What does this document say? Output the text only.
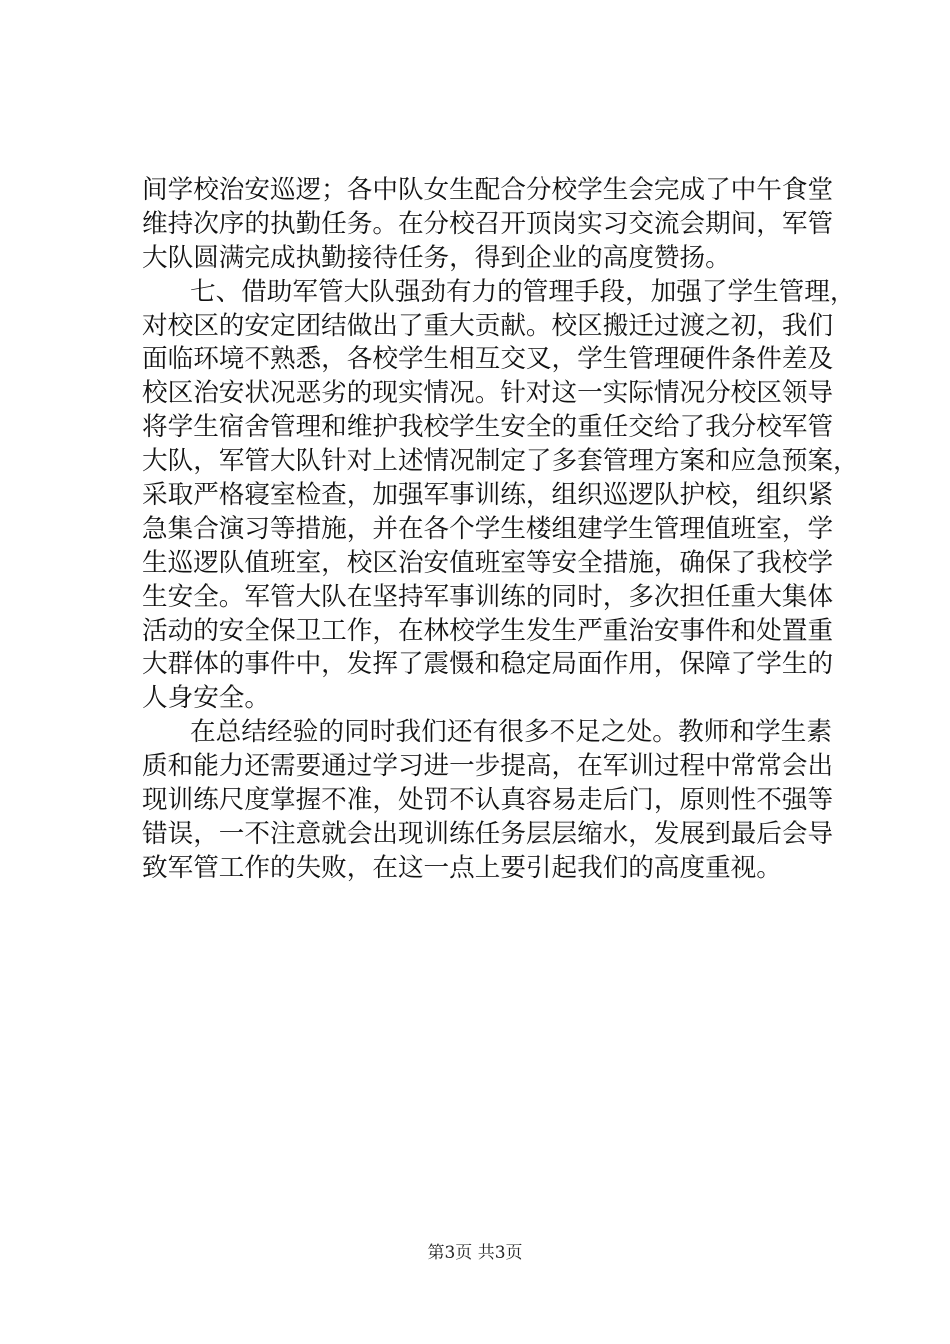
间学校治安巡逻；各中队女生配合分校学生会完成了中午食堂
维持次序的执勤任务。在分校召开顶岗实习交流会期间，军管
大队圆满完成执勤接待任务，得到企业的高度赞扬。
七、借助军管大队强劲有力的管理手段，加强了学生管理，
对校区的安定团结做出了重大贡献。校区搬迁过渡之初，我们
面临环境不熟悉，各校学生相互交叉，学生管理硬件条件差及
校区治安状况恶劣的现实情况。针对这一实际情况分校区领导
将学生宿舍管理和维护我校学生安全的重任交给了我分校军管
大队，军管大队针对上述情况制定了多套管理方案和应急预案，
采取严格寝室检查，加强军事训练，组织巡逻队护校，组织紧
急集合演习等措施，并在各个学生楼组建学生管理值班室，学
生巡逻队值班室，校区治安值班室等安全措施，确保了我校学
生安全。军管大队在坚持军事训练的同时，多次担任重大集体
活动的安全保卫工作，在林校学生发生严重治安事件和处置重
大群体的事件中，发挥了震慑和稳定局面作用，保障了学生的
人身安全。
在总结经验的同时我们还有很多不足之处。教师和学生素
质和能力还需要通过学习进一步提高，在军训过程中常常会出
现训练尺度掌握不准，处罚不认真容易走后门，原则性不强等
错误，一不注意就会出现训练任务层层缩水，发展到最后会导
致军管工作的失败，在这一点上要引起我们的高度重视。
第3页 共3页
